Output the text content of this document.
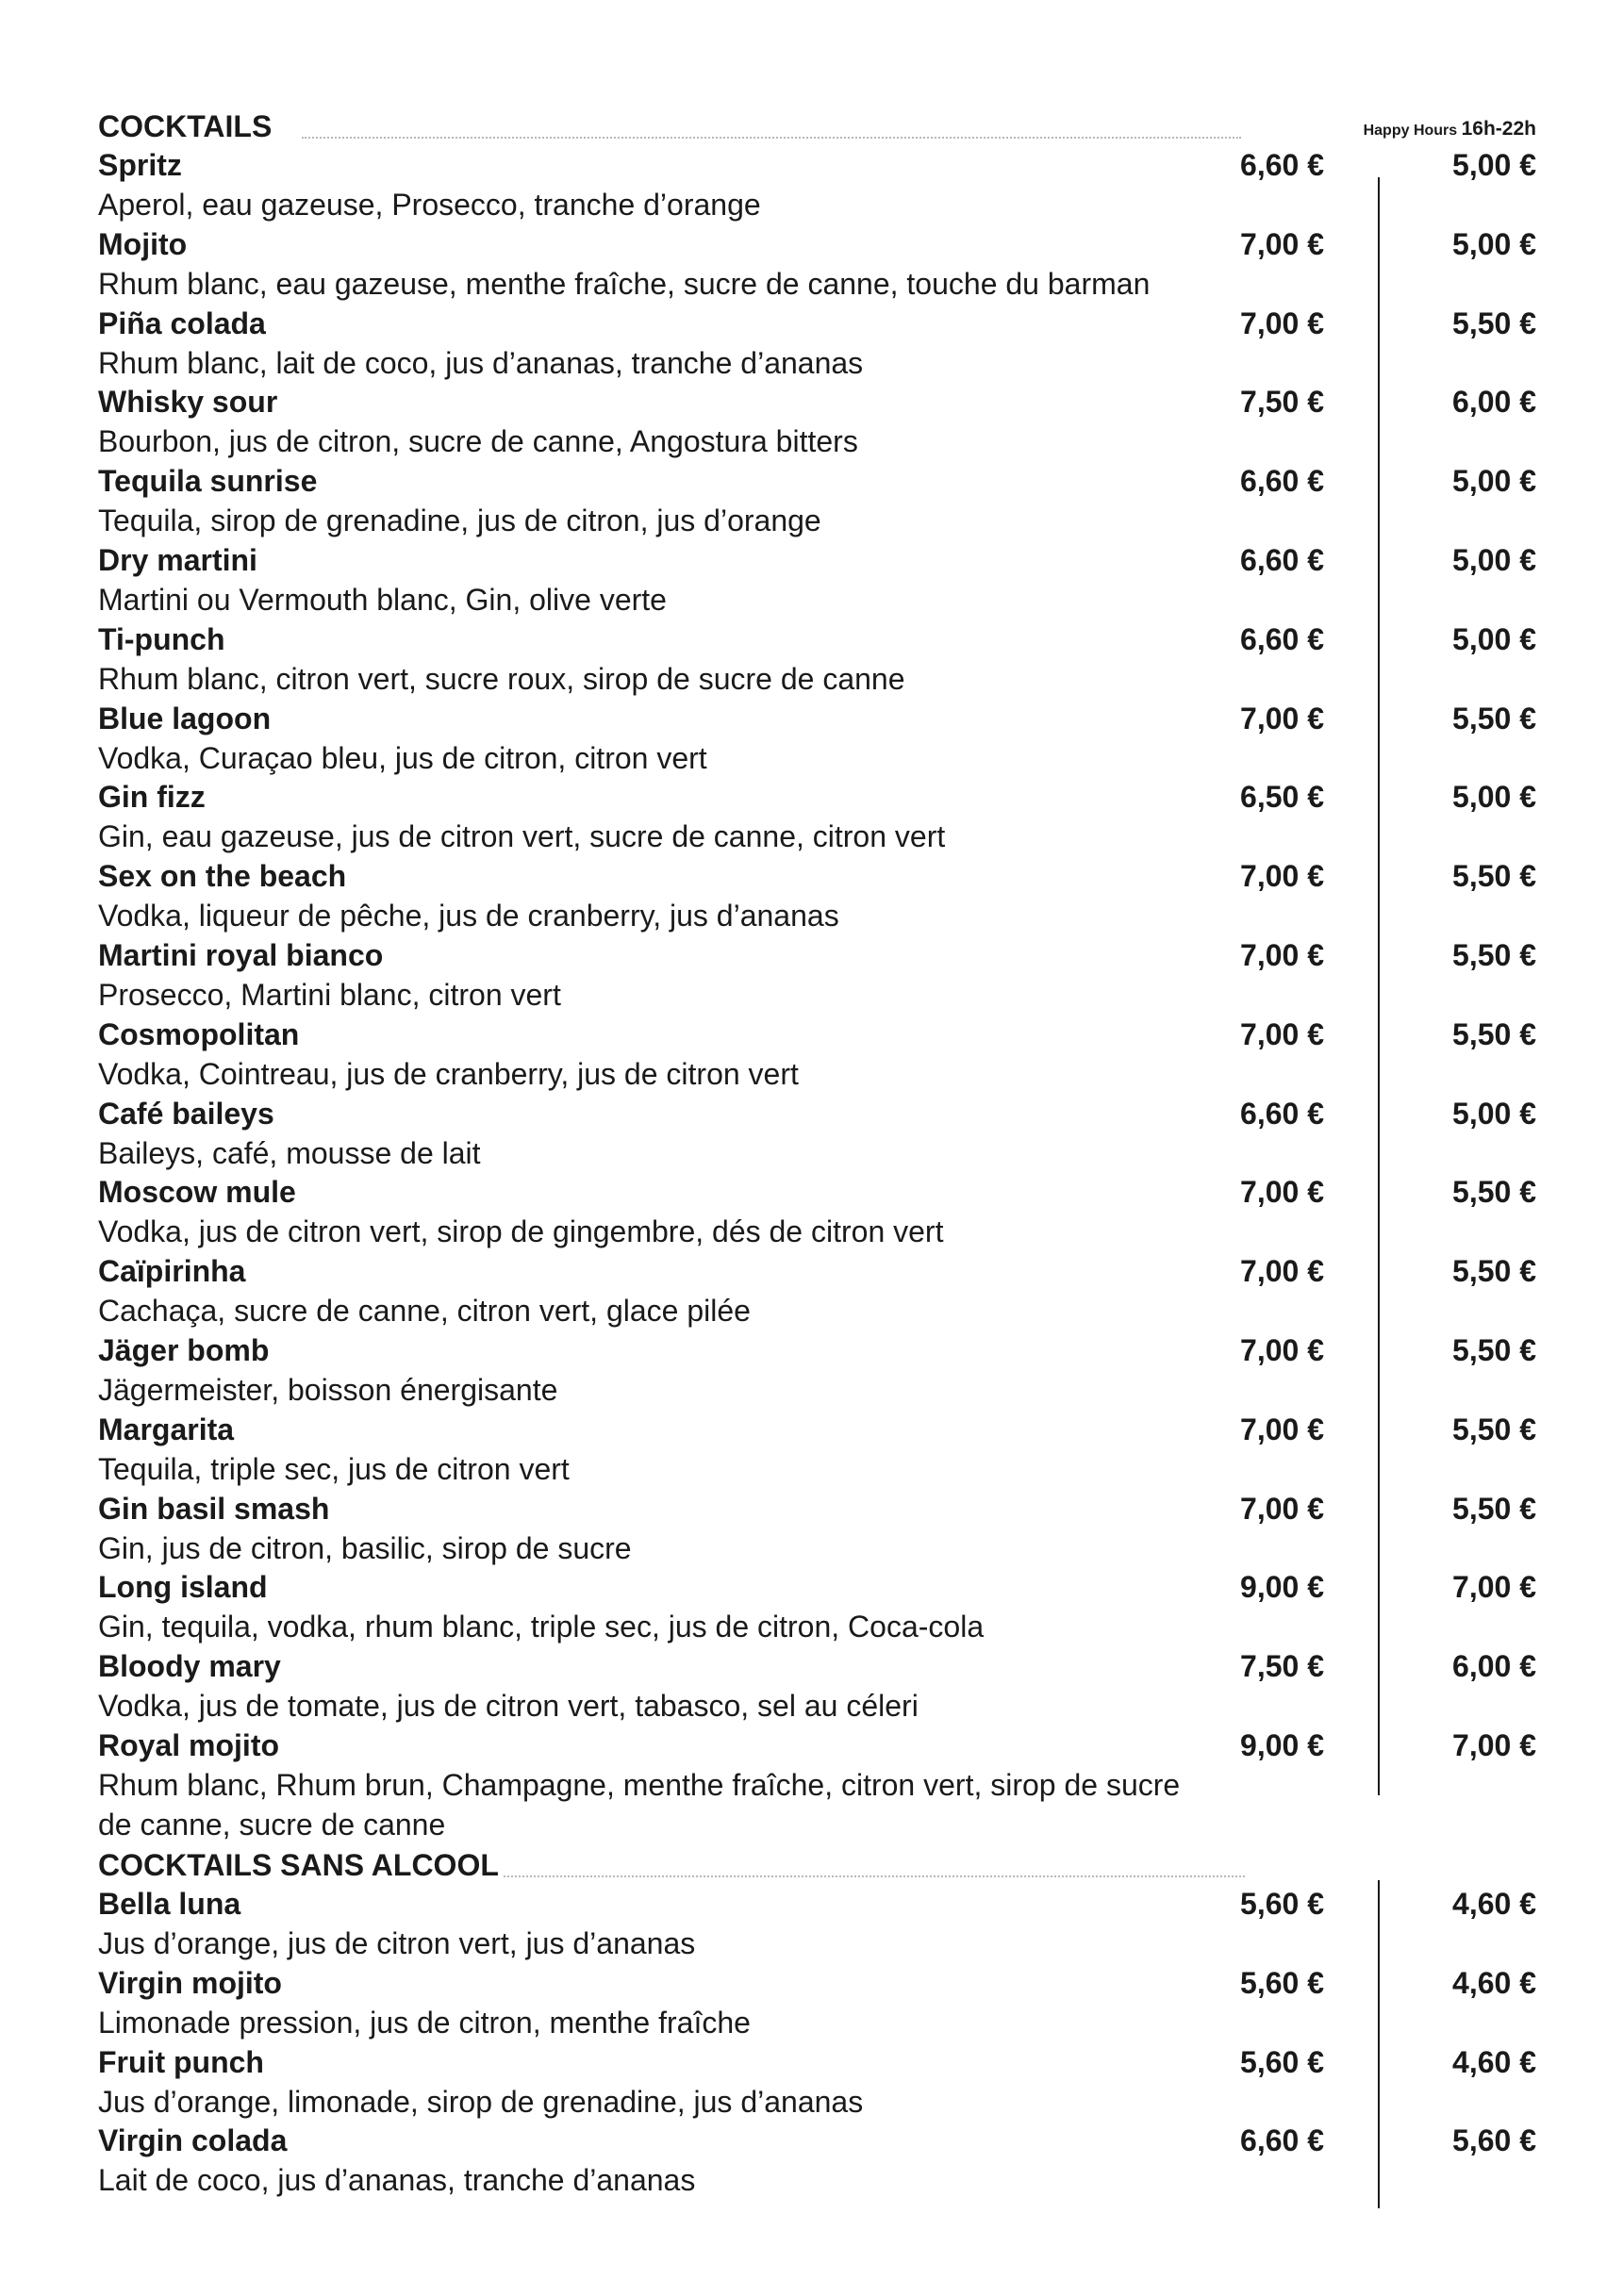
COCKTAILS	Happy Hours 16h-22h
Spritz
Aperol, eau gazeuse, Prosecco, tranche d’orange
6,60 €	5,00 €
Mojito
Rhum blanc, eau gazeuse, menthe fraîche, sucre de canne, touche du barman
7,00 €	5,00 €
Piña colada
Rhum blanc, lait de coco, jus d’ananas, tranche d’ananas
7,00 €	5,50 €
Whisky sour
Bourbon, jus de citron, sucre de canne, Angostura bitters
7,50 €	6,00 €
Tequila sunrise
Tequila, sirop de grenadine, jus de citron, jus d’orange
6,60 €	5,00 €
Dry martini
Martini ou Vermouth blanc, Gin, olive verte
6,60 €	5,00 €
Ti-punch
Rhum blanc, citron vert, sucre roux, sirop de sucre de canne
6,60 €	5,00 €
Blue lagoon
Vodka, Curaçao bleu, jus de citron, citron vert
7,00 €	5,50 €
Gin fizz
Gin, eau gazeuse, jus de citron vert, sucre de canne, citron vert
6,50 €	5,00 €
Sex on the beach
Vodka, liqueur de pêche, jus de cranberry, jus d’ananas
7,00 €	5,50 €
Martini royal bianco
Prosecco, Martini blanc, citron vert
7,00 €	5,50 €
Cosmopolitan
Vodka, Cointreau, jus de cranberry, jus de citron vert
7,00 €	5,50 €
Café baileys
Baileys, café, mousse de lait
6,60 €	5,00 €
Moscow mule
Vodka, jus de citron vert, sirop de gingembre, dés de citron vert
7,00 €	5,50 €
Caïpirinha
Cachaça, sucre de canne, citron vert, glace pilée
7,00 €	5,50 €
Jäger bomb
Jägermeister, boisson énergisante
7,00 €	5,50 €
Margarita
Tequila, triple sec, jus de citron vert
7,00 €	5,50 €
Gin basil smash
Gin, jus de citron, basilic, sirop de sucre
7,00 €	5,50 €
Long island
Gin, tequila, vodka, rhum blanc, triple sec, jus de citron, Coca-cola
9,00 €	7,00 €
Bloody mary
Vodka, jus de tomate, jus de citron vert, tabasco, sel au céleri
7,50 €	6,00 €
Royal mojito
Rhum blanc, Rhum brun, Champagne, menthe fraîche, citron vert, sirop de sucre de canne, sucre de canne
9,00 €	7,00 €
COCKTAILS SANS ALCOOL
Bella luna
Jus d’orange, jus de citron vert, jus d’ananas
5,60 €	4,60 €
Virgin mojito
Limonade pression, jus de citron, menthe fraîche
5,60 €	4,60 €
Fruit punch
Jus d’orange, limonade, sirop de grenadine, jus d’ananas
5,60 €	4,60 €
Virgin colada
Lait de coco, jus d’ananas, tranche d’ananas
6,60 €	5,60 €
